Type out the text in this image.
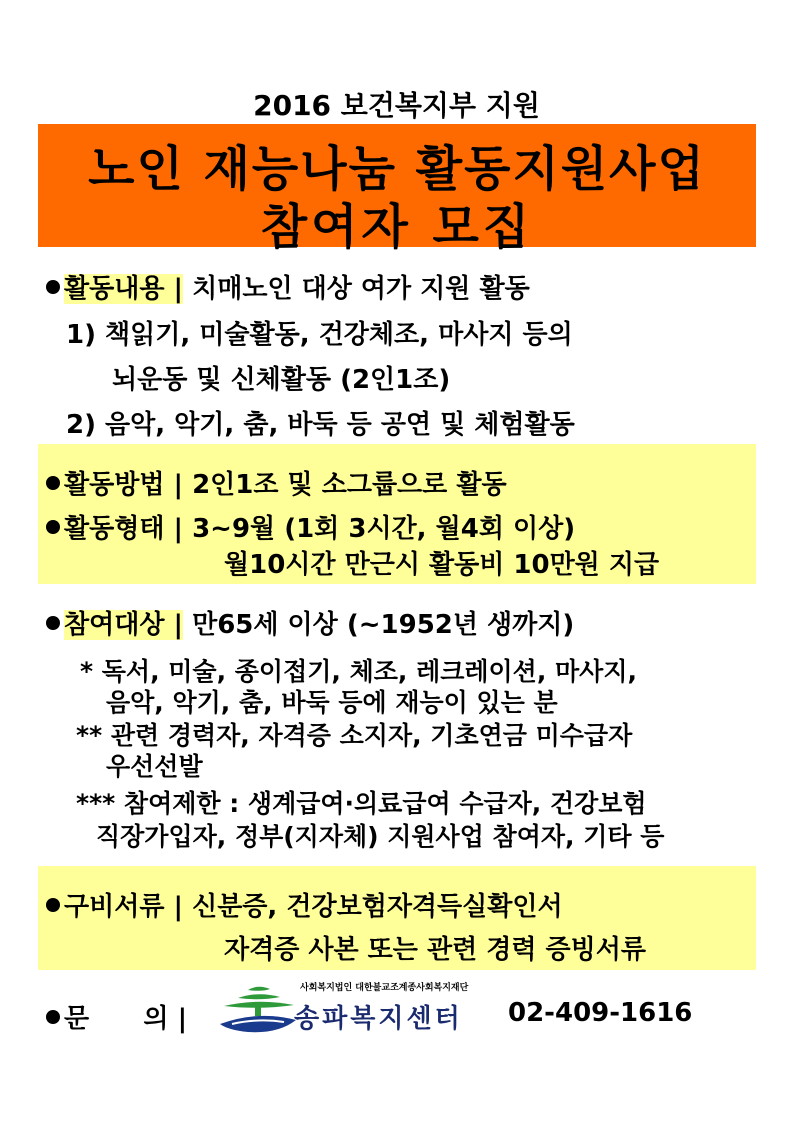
2016 보건복지부 지원
노인 재능나눔 활동지원사업
참여자 모집
활동내용 | 치매노인 대상 여가 지원 활동
1) 책읽기, 미술활동, 건강체조, 마사지 등의
뇌운동 및 신체활동 (2인1조)
2) 음악, 악기, 춤, 바둑 등 공연 및 체험활동
활동방법 | 2인1조 및 소그룹으로 활동
활동형태 | 3~9월 (1회 3시간, 월4회 이상)
월10시간 만근시 활동비 10만원 지급
참여대상 | 만65세 이상 (~1952년 생까지)
* 독서, 미술, 종이접기, 체조, 레크레이션, 마사지,
음악, 악기, 춤, 바둑 등에 재능이 있는 분
** 관련 경력자, 자격증 소지자, 기초연금 미수급자
우선선발
*** 참여제한 : 생계급여·의료급여 수급자, 건강보험
직장가입자, 정부(지자체) 지원사업 참여자, 기타 등
구비서류 | 신분증, 건강보험자격득실확인서
자격증 사본 또는 관련 경력 증빙서류
문      의 |
사회복지법인 대한불교조계종사회복지재단
송파복지센터 02-409-1616
